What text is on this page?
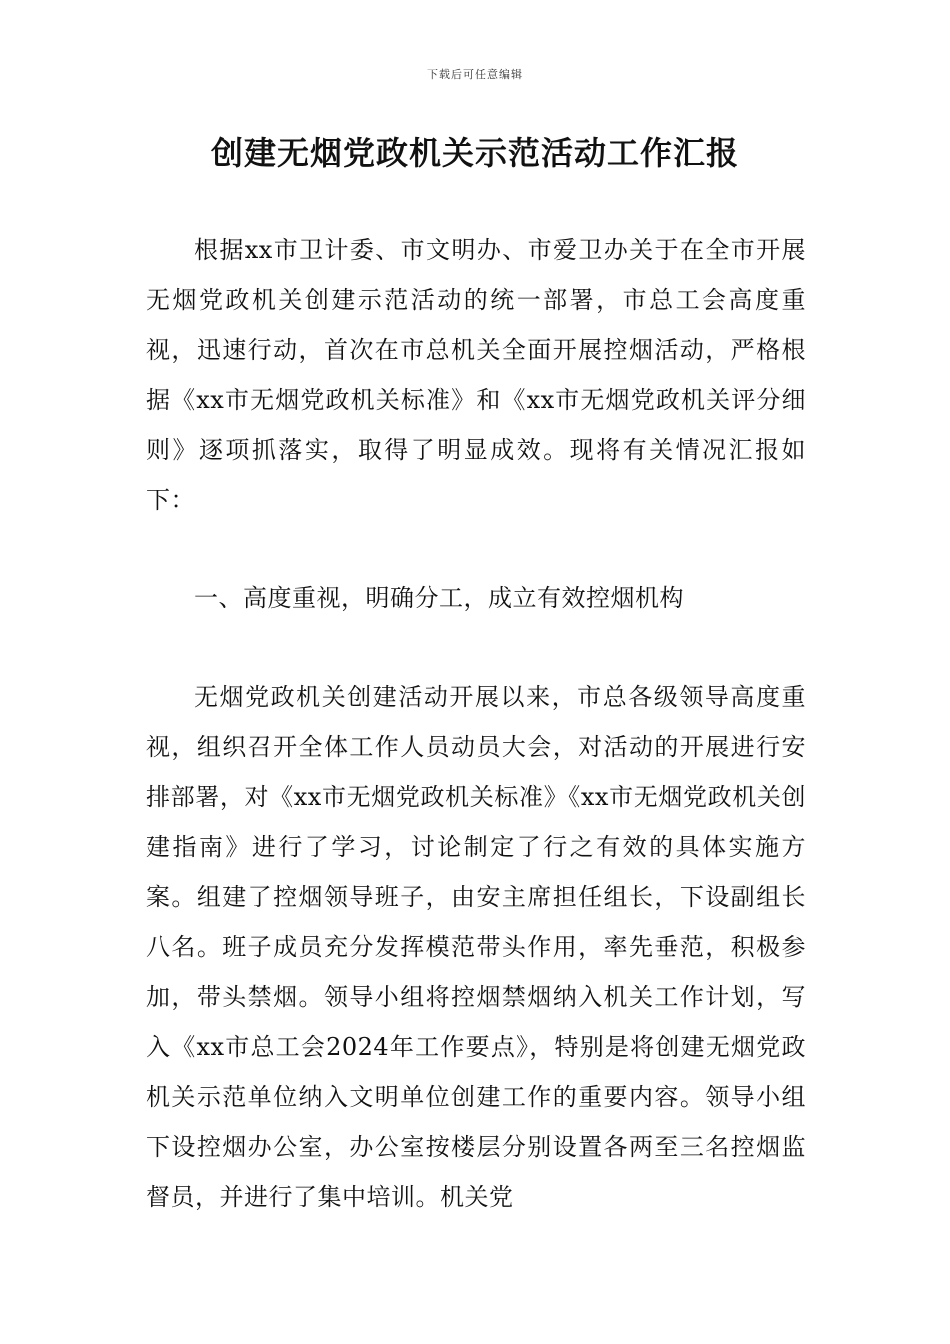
下载后可任意编辑
创建无烟党政机关示范活动工作汇报

根据xx市卫计委、市文明办、市爱卫办关于在全市开展无烟党政机关创建示范活动的统一部署，市总工会高度重视，迅速行动，首次在市总机关全面开展控烟活动，严格根据《xx市无烟党政机关标准》和《xx市无烟党政机关评分细则》逐项抓落实，取得了明显成效。现将有关情况汇报如下：

一、高度重视，明确分工，成立有效控烟机构

无烟党政机关创建活动开展以来，市总各级领导高度重视，组织召开全体工作人员动员大会，对活动的开展进行安排部署，对《xx市无烟党政机关标准》《xx市无烟党政机关创建指南》进行了学习，讨论制定了行之有效的具体实施方案。组建了控烟领导班子，由安主席担任组长，下设副组长八名。班子成员充分发挥模范带头作用，率先垂范，积极参加，带头禁烟。领导小组将控烟禁烟纳入机关工作计划，写入《xx市总工会2024年工作要点》，特别是将创建无烟党政机关示范单位纳入文明单位创建工作的重要内容。领导小组下设控烟办公室，办公室按楼层分别设置各两至三名控烟监督员，并进行了集中培训。机关党
